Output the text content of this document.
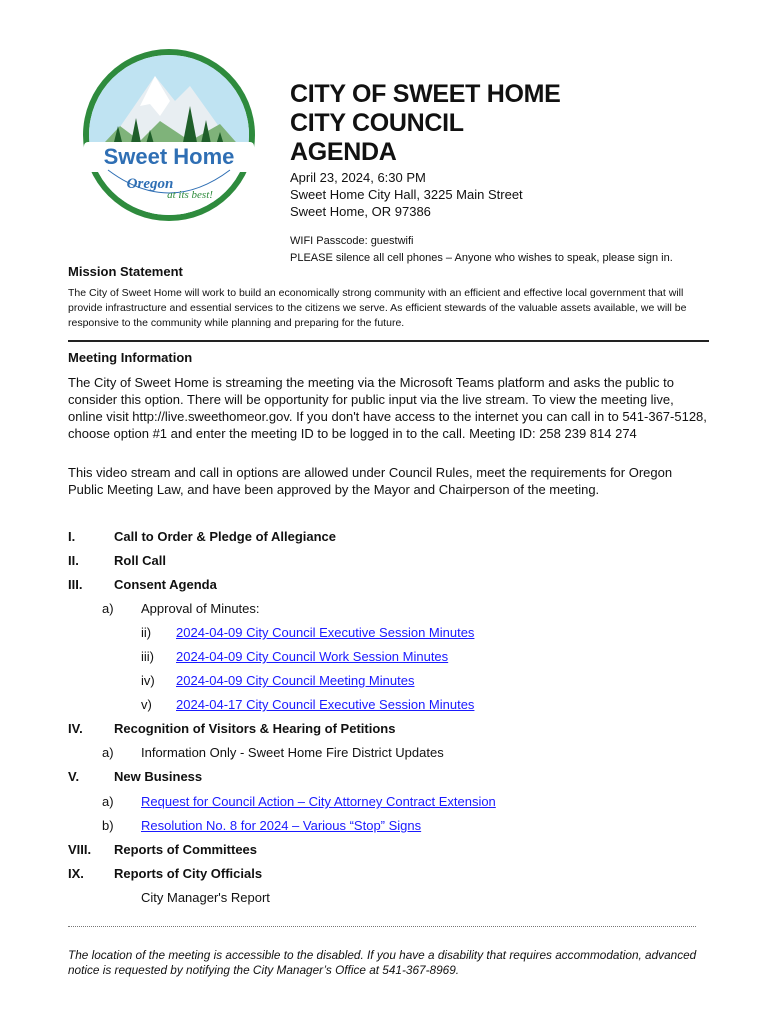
Sweet Home
Oregon
at its best!
CITY OF SWEET HOME
CITY COUNCIL
AGENDA
April 23, 2024, 6:30 PM
Sweet Home City Hall, 3225 Main Street
Sweet Home, OR 97386
WIFI Passcode: guestwifi
PLEASE silence all cell phones – Anyone who wishes to speak, please sign in.
Mission Statement
The City of Sweet Home will work to build an economically strong community with an efficient and effective local government that will provide infrastructure and essential services to the citizens we serve. As efficient stewards of the valuable assets available, we will be responsive to the community while planning and preparing for the future.
Meeting Information
The City of Sweet Home is streaming the meeting via the Microsoft Teams platform and asks the public to consider this option. There will be opportunity for public input via the live stream. To view the meeting live, online visit http://live.sweethomeor.gov. If you don't have access to the internet you can call in to 541-367-5128, choose option #1 and enter the meeting ID to be logged in to the call. Meeting ID: 258 239 814 274
This video stream and call in options are allowed under Council Rules, meet the requirements for Oregon Public Meeting Law, and have been approved by the Mayor and Chairperson of the meeting.
I.	Call to Order & Pledge of Allegiance
II.	Roll Call
III. Consent Agenda
a) Approval of Minutes:
ii) 2024-04-09 City Council Executive Session Minutes
iii) 2024-04-09 City Council Work Session Minutes
iv) 2024-04-09 City Council Meeting Minutes
v) 2024-04-17 City Council Executive Session Minutes
IV. Recognition of Visitors & Hearing of Petitions
a) Information Only - Sweet Home Fire District Updates
V.	New Business
a) Request for Council Action – City Attorney Contract Extension
b) Resolution No. 8 for 2024 – Various “Stop” Signs
VIII. Reports of Committees
IX. Reports of City Officials
City Manager's Report
The location of the meeting is accessible to the disabled. If you have a disability that requires accommodation, advanced notice is requested by notifying the City Manager’s Office at 541-367-8969.
